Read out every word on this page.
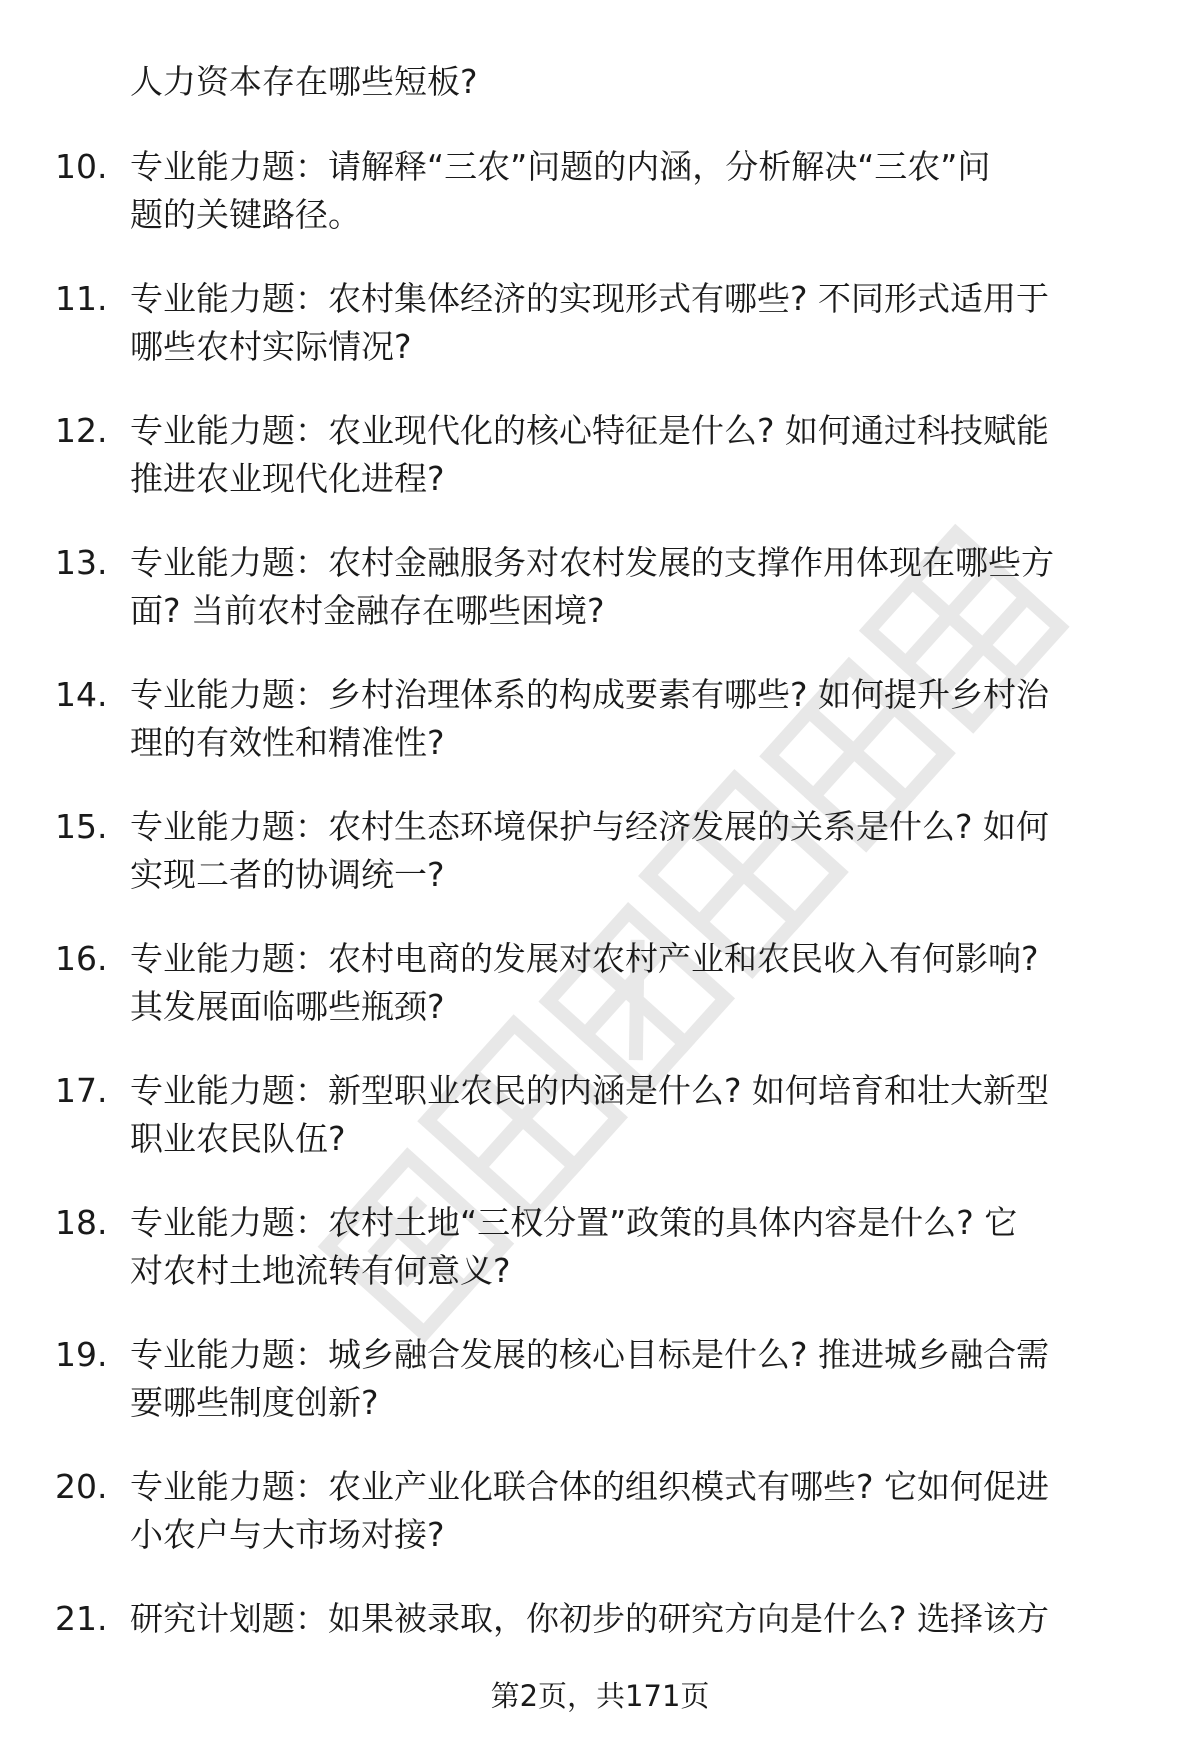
人力资本存在哪些短板?
10. 专业能力题：请解释“三农”问题的内涵，分析解决“三农”问
题的关键路径。
11. 专业能力题：农村集体经济的实现形式有哪些? 不同形式适用于
哪些农村实际情况?
12. 专业能力题：农业现代化的核心特征是什么? 如何通过科技赋能
推进农业现代化进程?
13. 专业能力题：农村金融服务对农村发展的支撑作用体现在哪些方
面? 当前农村金融存在哪些困境?
14. 专业能力题：乡村治理体系的构成要素有哪些? 如何提升乡村治
理的有效性和精准性?
15. 专业能力题：农村生态环境保护与经济发展的关系是什么? 如何
实现二者的协调统一?
16. 专业能力题：农村电商的发展对农村产业和农民收入有何影响?
其发展面临哪些瓶颈?
17. 专业能力题：新型职业农民的内涵是什么? 如何培育和壮大新型
职业农民队伍?
18. 专业能力题：农村土地“三权分置”政策的具体内容是什么? 它
对农村土地流转有何意义?
19. 专业能力题：城乡融合发展的核心目标是什么? 推进城乡融合需
要哪些制度创新?
20. 专业能力题：农业产业化联合体的组织模式有哪些? 它如何促进
小农户与大市场对接?
21. 研究计划题：如果被录取，你初步的研究方向是什么? 选择该方
第2页，共171页
